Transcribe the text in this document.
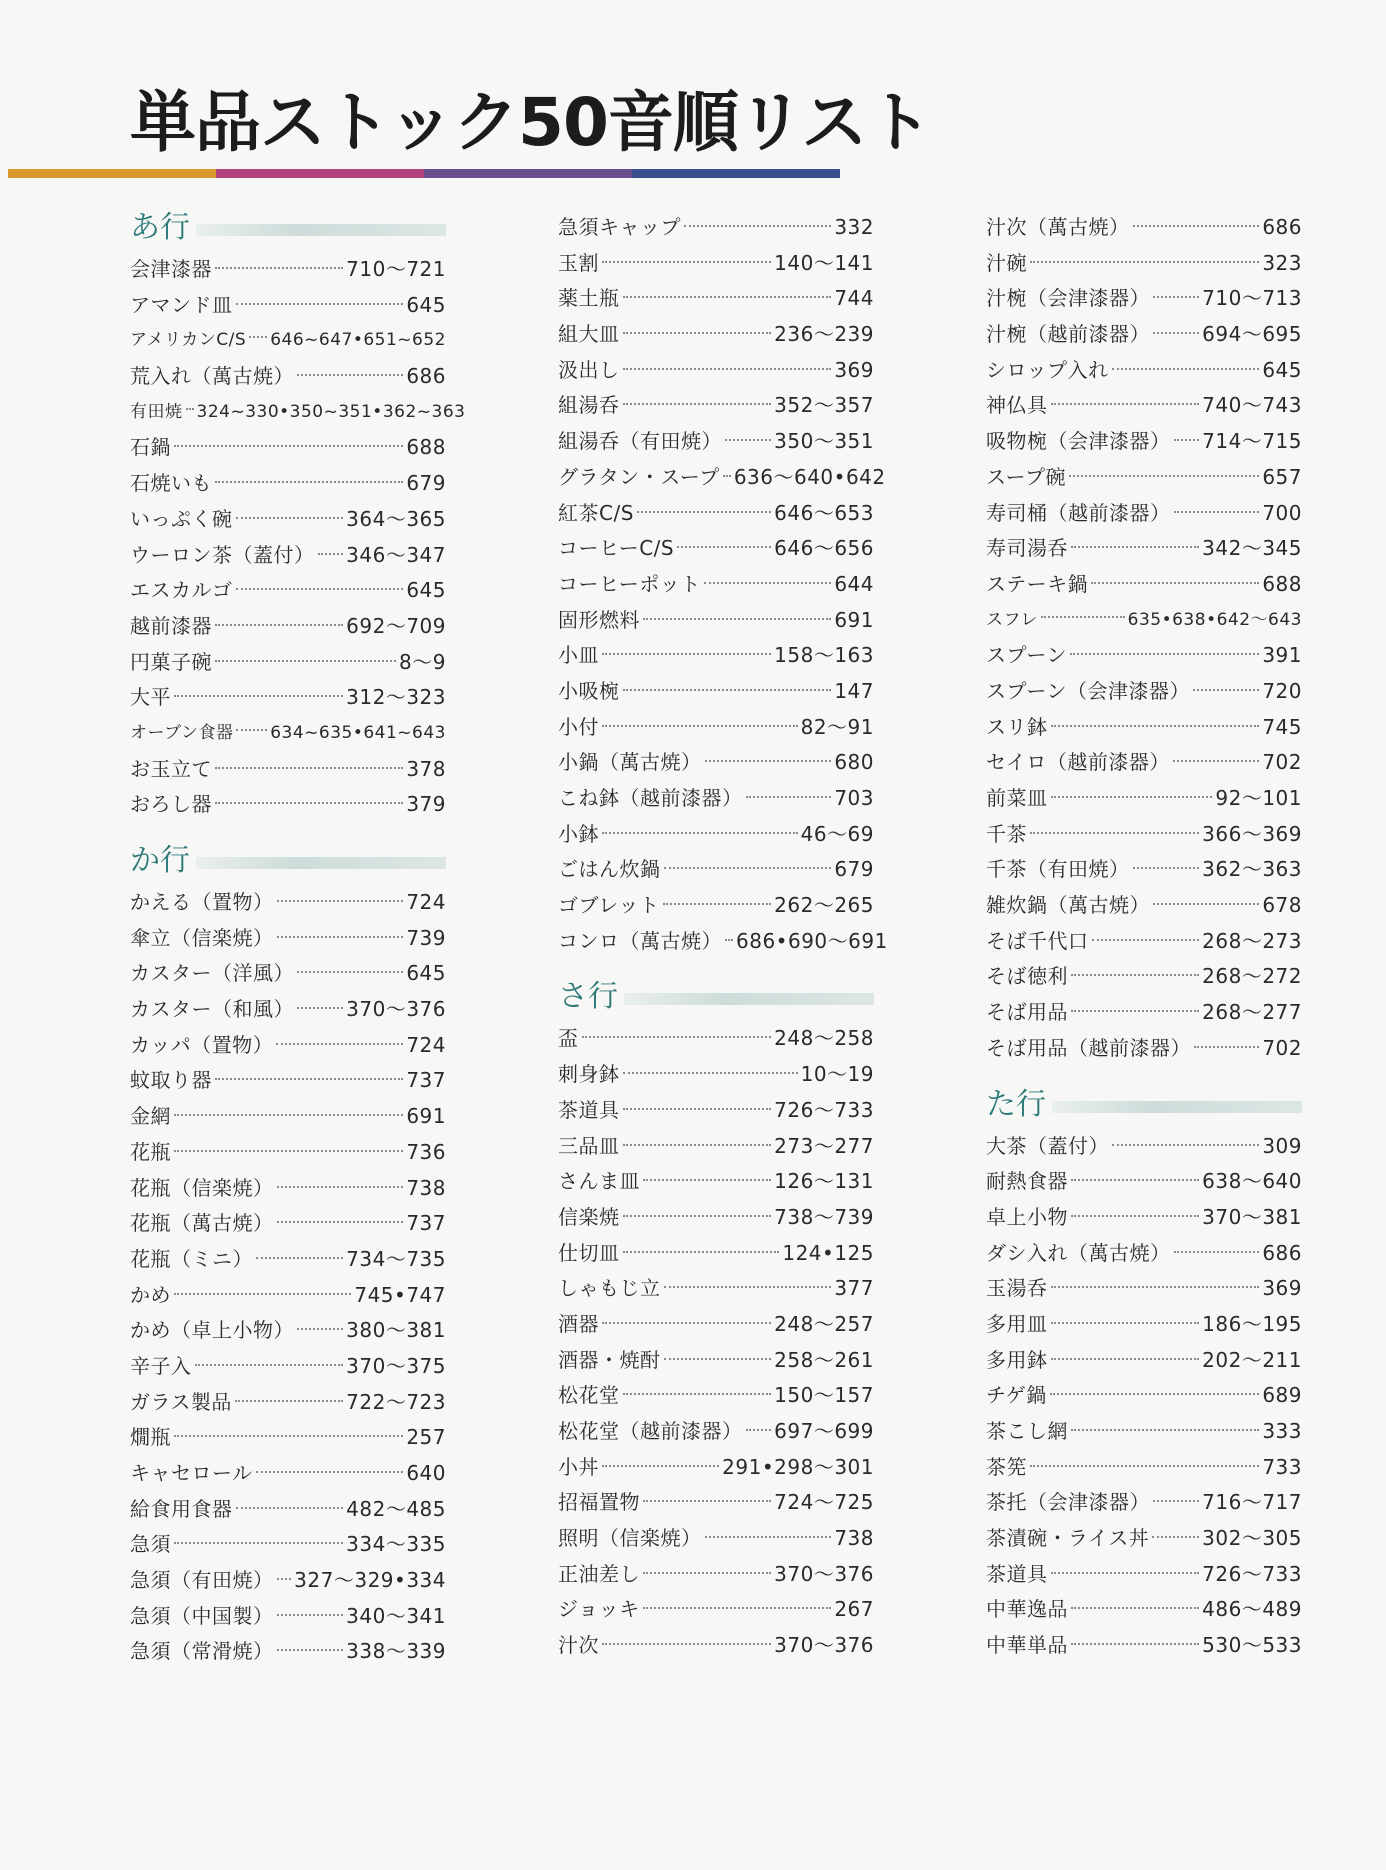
単品ストック50音順リスト
あ行
会津漆器	710〜721
アマンド皿	645
アメリカンC/S 646~647•651~652
荒入れ（萬古焼）	686
有田焼 324~330•350~351•362~363
石鍋	688
石焼いも	679
いっぷく碗	364〜365
ウーロン茶（蓋付） 346〜347
エスカルゴ	645
越前漆器	692〜709
円菓子碗	8〜9
大平	312〜323
オーブン食器 634~635•641~643
お玉立て	378
おろし器	379
か行
かえる（置物）	724
傘立（信楽焼）	739
カスター（洋風）	645
カスター（和風）	370〜376
カッパ（置物）	724
蚊取り器	737
金網	691
花瓶	736
花瓶（信楽焼）	738
花瓶（萬古焼）	737
花瓶（ミニ）	734〜735
かめ	745•747
かめ（卓上小物）	380〜381
辛子入	370〜375
ガラス製品	722〜723
燗瓶	257
キャセロール	640
給食用食器	482〜485
急須	334〜335
急須（有田焼） 327〜329•334
急須（中国製）	340〜341
急須（常滑焼）	338〜339
急須キャップ	332
玉割	140〜141
薬土瓶	744
組大皿	236〜239
汲出し	369
組湯呑	352〜357
組湯呑（有田焼）	350〜351
グラタン・スープ 636〜640•642
紅茶C/S	646〜653
コーヒーC/S	646〜656
コーヒーポット	644
固形燃料	691
小皿	158〜163
小吸椀	147
小付	82〜91
小鍋（萬古焼）	680
こね鉢（越前漆器）	703
小鉢	46〜69
ごはん炊鍋	679
ゴブレット	262〜265
コンロ（萬古焼） 686•690〜691
さ行
盃	248〜258
刺身鉢	10〜19
茶道具	726〜733
三品皿	273〜277
さんま皿	126〜131
信楽焼	738〜739
仕切皿	124•125
しゃもじ立	377
酒器	248〜257
酒器・焼酎	258〜261
松花堂	150〜157
松花堂（越前漆器） 697〜699
小丼	291•298〜301
招福置物	724〜725
照明（信楽焼）	738
正油差し	370〜376
ジョッキ	267
汁次	370〜376
汁次（萬古焼）	686
汁碗	323
汁椀（会津漆器）	710〜713
汁椀（越前漆器）	694〜695
シロップ入れ	645
神仏具	740〜743
吸物椀（会津漆器） 714〜715
スープ碗	657
寿司桶（越前漆器）	700
寿司湯呑	342〜345
ステーキ鍋	688
スフレ	635•638•642〜643
スプーン	391
スプーン（会津漆器）	720
スリ鉢	745
セイロ（越前漆器）	702
前菜皿	92〜101
千茶	366〜369
千茶（有田焼）	362〜363
雑炊鍋（萬古焼）	678
そば千代口	268〜273
そば徳利	268〜272
そば用品	268〜277
そば用品（越前漆器）	702
た行
大茶（蓋付）	309
耐熱食器	638〜640
卓上小物	370〜381
ダシ入れ（萬古焼）	686
玉湯呑	369
多用皿	186〜195
多用鉢	202〜211
チゲ鍋	689
茶こし網	333
茶筅	733
茶托（会津漆器）	716〜717
茶漬碗・ライス丼	302〜305
茶道具	726〜733
中華逸品	486〜489
中華単品	530〜533
